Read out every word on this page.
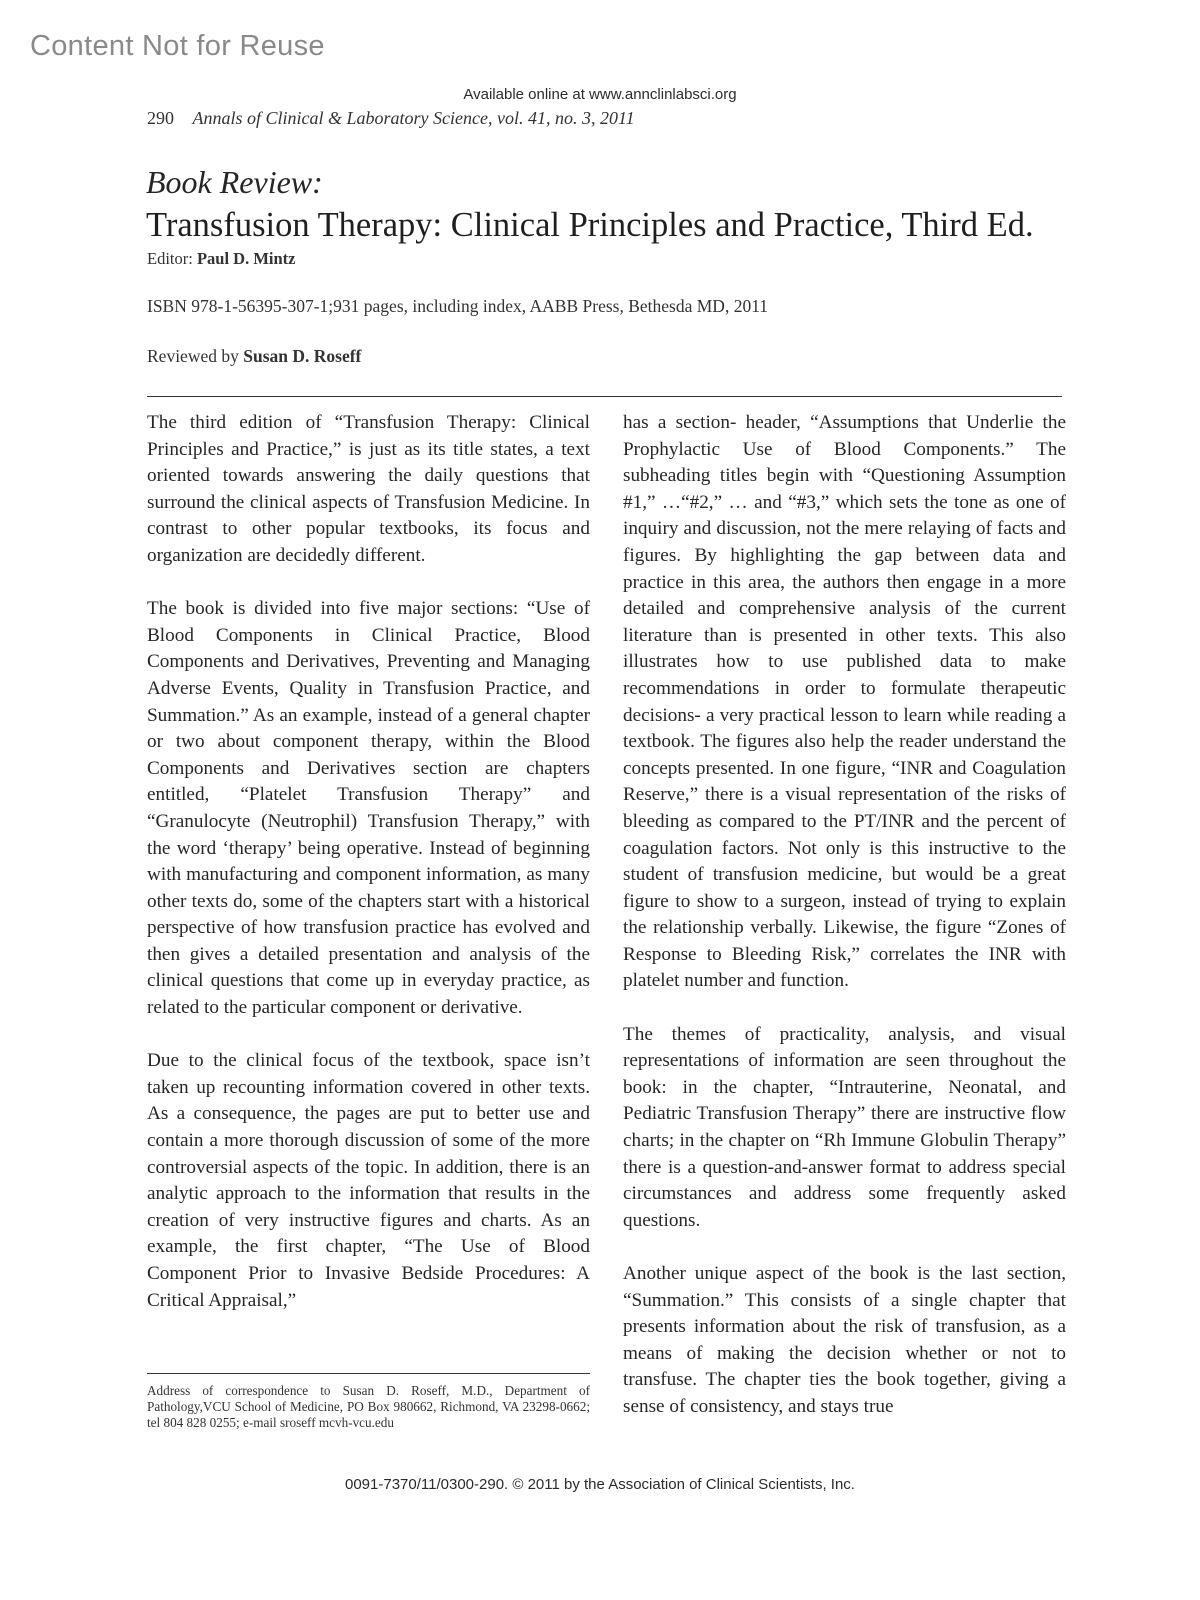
Content Not for Reuse
Available online at www.annclinlabsci.org
290 Annals of Clinical & Laboratory Science, vol. 41, no. 3, 2011
Book Review:
Transfusion Therapy: Clinical Principles and Practice, Third Ed.
Editor: Paul D. Mintz
ISBN 978-1-56395-307-1;931 pages, including index, AABB Press, Bethesda MD, 2011
Reviewed by Susan D. Roseff

The third edition of “Transfusion Therapy: Clinical Principles and Practice,” is just as its title states, a text oriented towards answering the daily questions that surround the clinical aspects of Transfusion Medicine. In contrast to other popular textbooks, its focus and organization are decidedly different.

The book is divided into five major sections: “Use of Blood Components in Clinical Practice, Blood Components and Derivatives, Preventing and Managing Adverse Events, Quality in Transfusion Practice, and Summation.” As an example, instead of a general chapter or two about component therapy, within the Blood Components and Derivatives section are chapters entitled, “Platelet Transfusion Therapy” and “Granulocyte (Neutrophil) Transfusion Therapy,” with the word ‘therapy’ being operative. Instead of beginning with manufacturing and component information, as many other texts do, some of the chapters start with a historical perspective of how transfusion practice has evolved and then gives a detailed presentation and analysis of the clinical questions that come up in everyday practice, as related to the particular component or derivative.

Due to the clinical focus of the textbook, space isn’t taken up recounting information covered in other texts. As a consequence, the pages are put to better use and contain a more thorough discussion of some of the more controversial aspects of the topic. In addition, there is an analytic approach to the information that results in the creation of very instructive figures and charts. As an example, the first chapter, “The Use of Blood Component Prior to Invasive Bedside Procedures: A Critical Appraisal,”

Address of correspondence to Susan D. Roseff, M.D., Department of Pathology,VCU School of Medicine, PO Box 980662, Richmond, VA 23298-0662; tel 804 828 0255; e-mail sroseff mcvh-vcu.edu

has a section- header, “Assumptions that Underlie the Prophylactic Use of Blood Components.” The subheading titles begin with “Questioning Assumption #1,” …“#2,” … and “#3,” which sets the tone as one of inquiry and discussion, not the mere relaying of facts and figures. By highlighting the gap between data and practice in this area, the authors then engage in a more detailed and comprehensive analysis of the current literature than is presented in other texts. This also illustrates how to use published data to make recommendations in order to formulate therapeutic decisions- a very practical lesson to learn while reading a textbook. The figures also help the reader understand the concepts presented. In one figure, “INR and Coagulation Reserve,” there is a visual representation of the risks of bleeding as compared to the PT/INR and the percent of coagulation factors. Not only is this instructive to the student of transfusion medicine, but would be a great figure to show to a surgeon, instead of trying to explain the relationship verbally. Likewise, the figure “Zones of Response to Bleeding Risk,” correlates the INR with platelet number and function.

The themes of practicality, analysis, and visual representations of information are seen throughout the book: in the chapter, “Intrauterine, Neonatal, and Pediatric Transfusion Therapy” there are instructive flow charts; in the chapter on “Rh Immune Globulin Therapy” there is a question-and-answer format to address special circumstances and address some frequently asked questions.

Another unique aspect of the book is the last section, “Summation.” This consists of a single chapter that presents information about the risk of transfusion, as a means of making the decision whether or not to transfuse. The chapter ties the book together, giving a sense of consistency, and stays true

0091-7370/11/0300-290. © 2011 by the Association of Clinical Scientists, Inc.
